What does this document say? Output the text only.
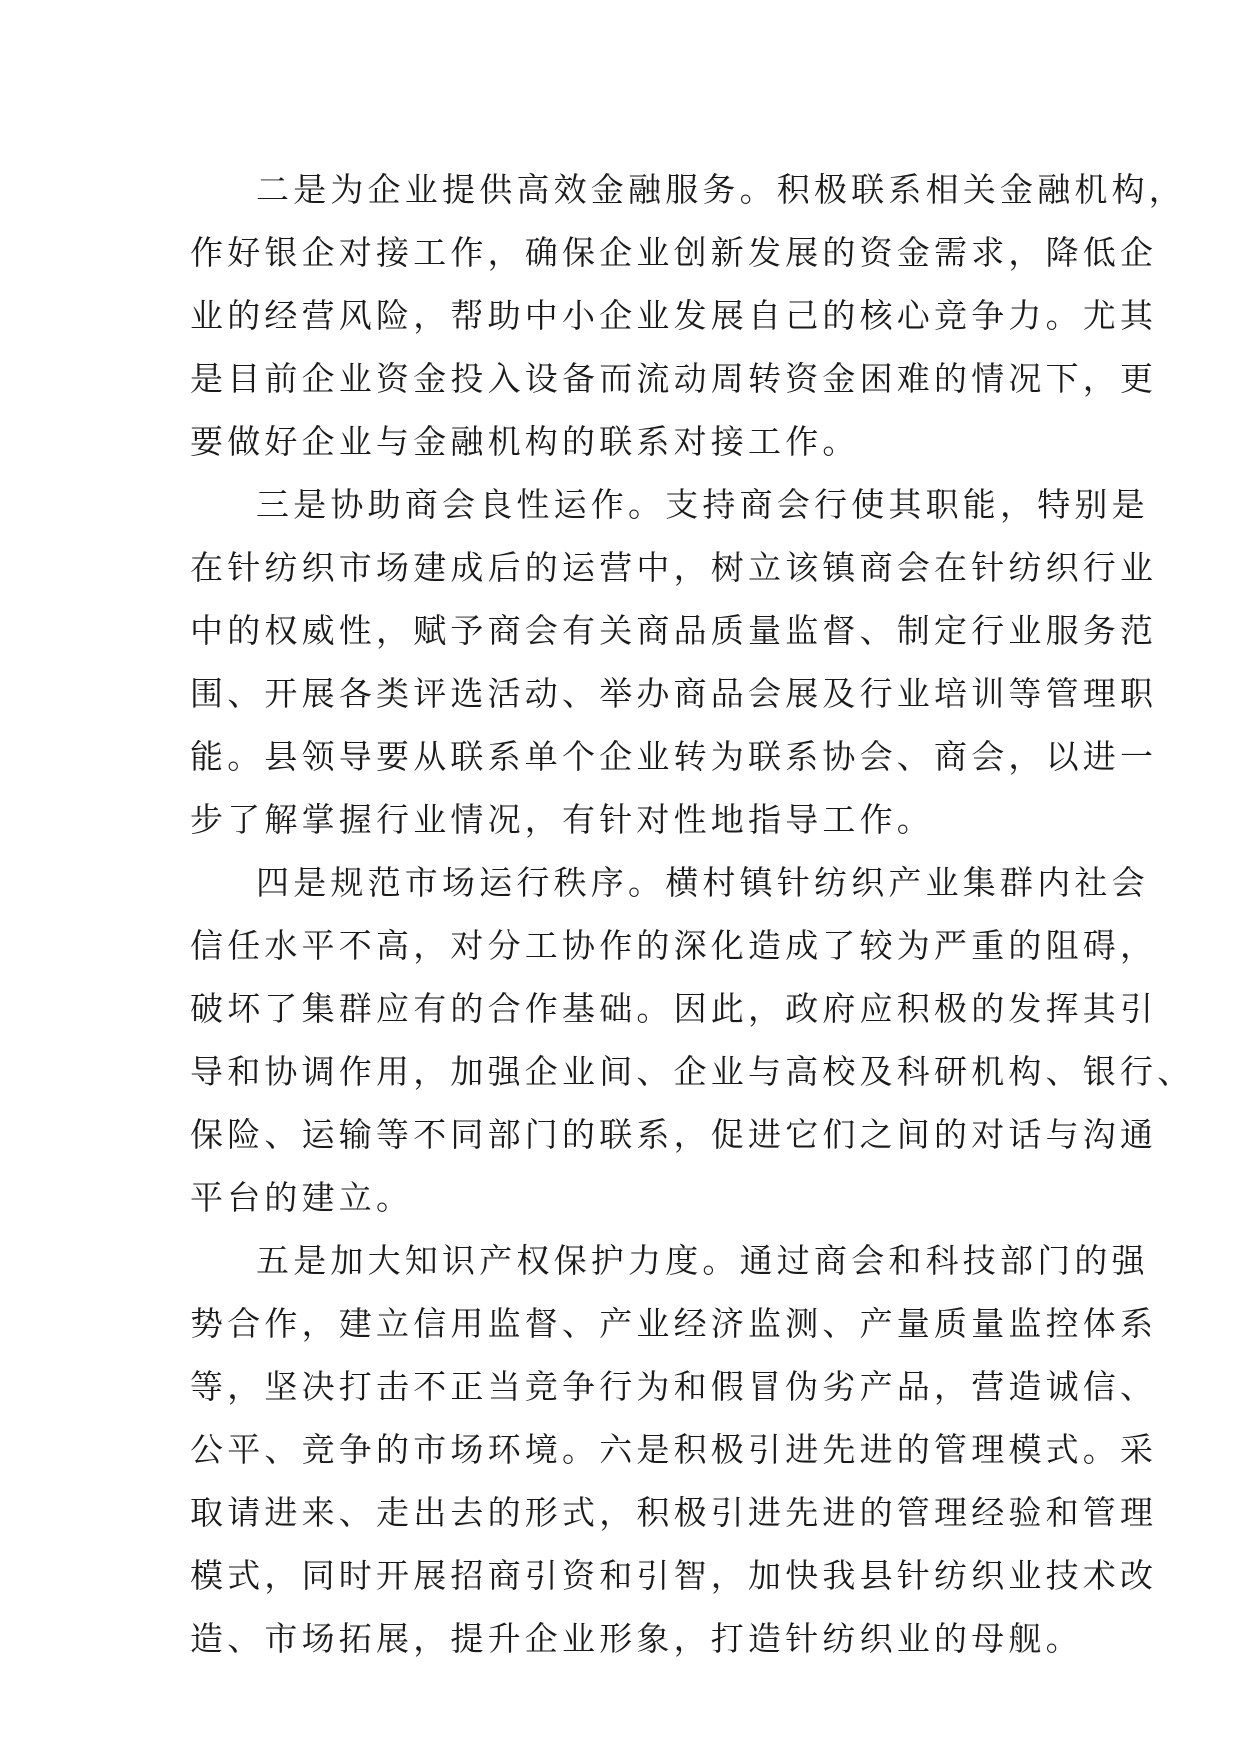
二是为企业提供高效金融服务。积极联系相关金融机构，
作好银企对接工作，确保企业创新发展的资金需求，降低企
业的经营风险，帮助中小企业发展自己的核心竞争力。尤其
是目前企业资金投入设备而流动周转资金困难的情况下，更
要做好企业与金融机构的联系对接工作。
三是协助商会良性运作。支持商会行使其职能，特别是
在针纺织市场建成后的运营中，树立该镇商会在针纺织行业
中的权威性，赋予商会有关商品质量监督、制定行业服务范
围、开展各类评选活动、举办商品会展及行业培训等管理职
能。县领导要从联系单个企业转为联系协会、商会，以进一
步了解掌握行业情况，有针对性地指导工作。
四是规范市场运行秩序。横村镇针纺织产业集群内社会
信任水平不高，对分工协作的深化造成了较为严重的阻碍，
破坏了集群应有的合作基础。因此，政府应积极的发挥其引
导和协调作用，加强企业间、企业与高校及科研机构、银行、
保险、运输等不同部门的联系，促进它们之间的对话与沟通
平台的建立。
五是加大知识产权保护力度。通过商会和科技部门的强
势合作，建立信用监督、产业经济监测、产量质量监控体系
等，坚决打击不正当竞争行为和假冒伪劣产品，营造诚信、
公平、竞争的市场环境。六是积极引进先进的管理模式。采
取请进来、走出去的形式，积极引进先进的管理经验和管理
模式，同时开展招商引资和引智，加快我县针纺织业技术改
造、市场拓展，提升企业形象，打造针纺织业的母舰。
